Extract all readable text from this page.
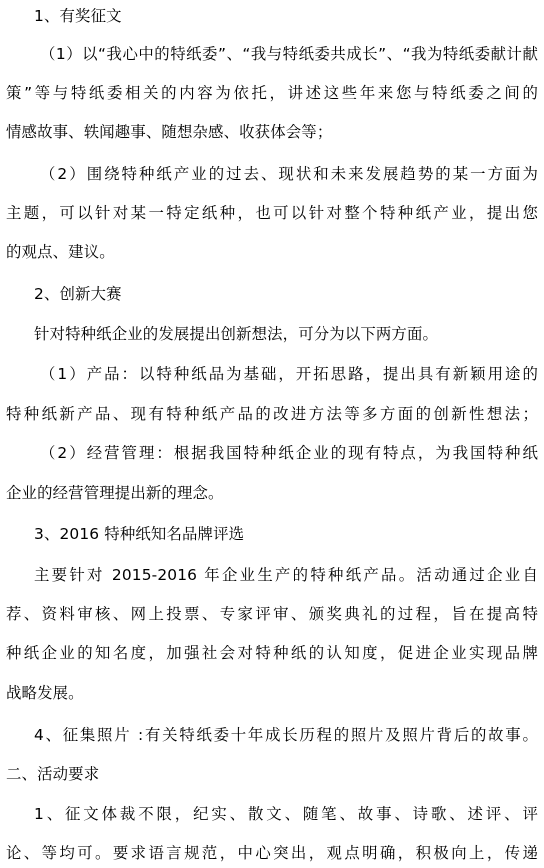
1、有奖征文
（1）以“我心中的特纸委”、“我与特纸委共成长”、“我为特纸委献计献
策”等与特纸委相关的内容为依托，讲述这些年来您与特纸委之间的
情感故事、轶闻趣事、随想杂感、收获体会等；
（2）围绕特种纸产业的过去、现状和未来发展趋势的某一方面为
主题，可以针对某一特定纸种，也可以针对整个特种纸产业，提出您
的观点、建议。
2、创新大赛
针对特种纸企业的发展提出创新想法，可分为以下两方面。
（1）产品：以特种纸品为基础，开拓思路，提出具有新颖用途的
特种纸新产品、现有特种纸产品的改进方法等多方面的创新性想法；
（2）经营管理：根据我国特种纸企业的现有特点，为我国特种纸
企业的经营管理提出新的理念。
3、2016 特种纸知名品牌评选
主要针对 2015-2016 年企业生产的特种纸产品。活动通过企业自
荐、资料审核、网上投票、专家评审、颁奖典礼的过程，旨在提高特
种纸企业的知名度，加强社会对特种纸的认知度，促进企业实现品牌
战略发展。
4、征集照片 :有关特纸委十年成长历程的照片及照片背后的故事。
二、活动要求
1、征文体裁不限，纪实、散文、随笔、故事、诗歌、述评、评
论、等均可。要求语言规范，中心突出，观点明确，积极向上，传递
